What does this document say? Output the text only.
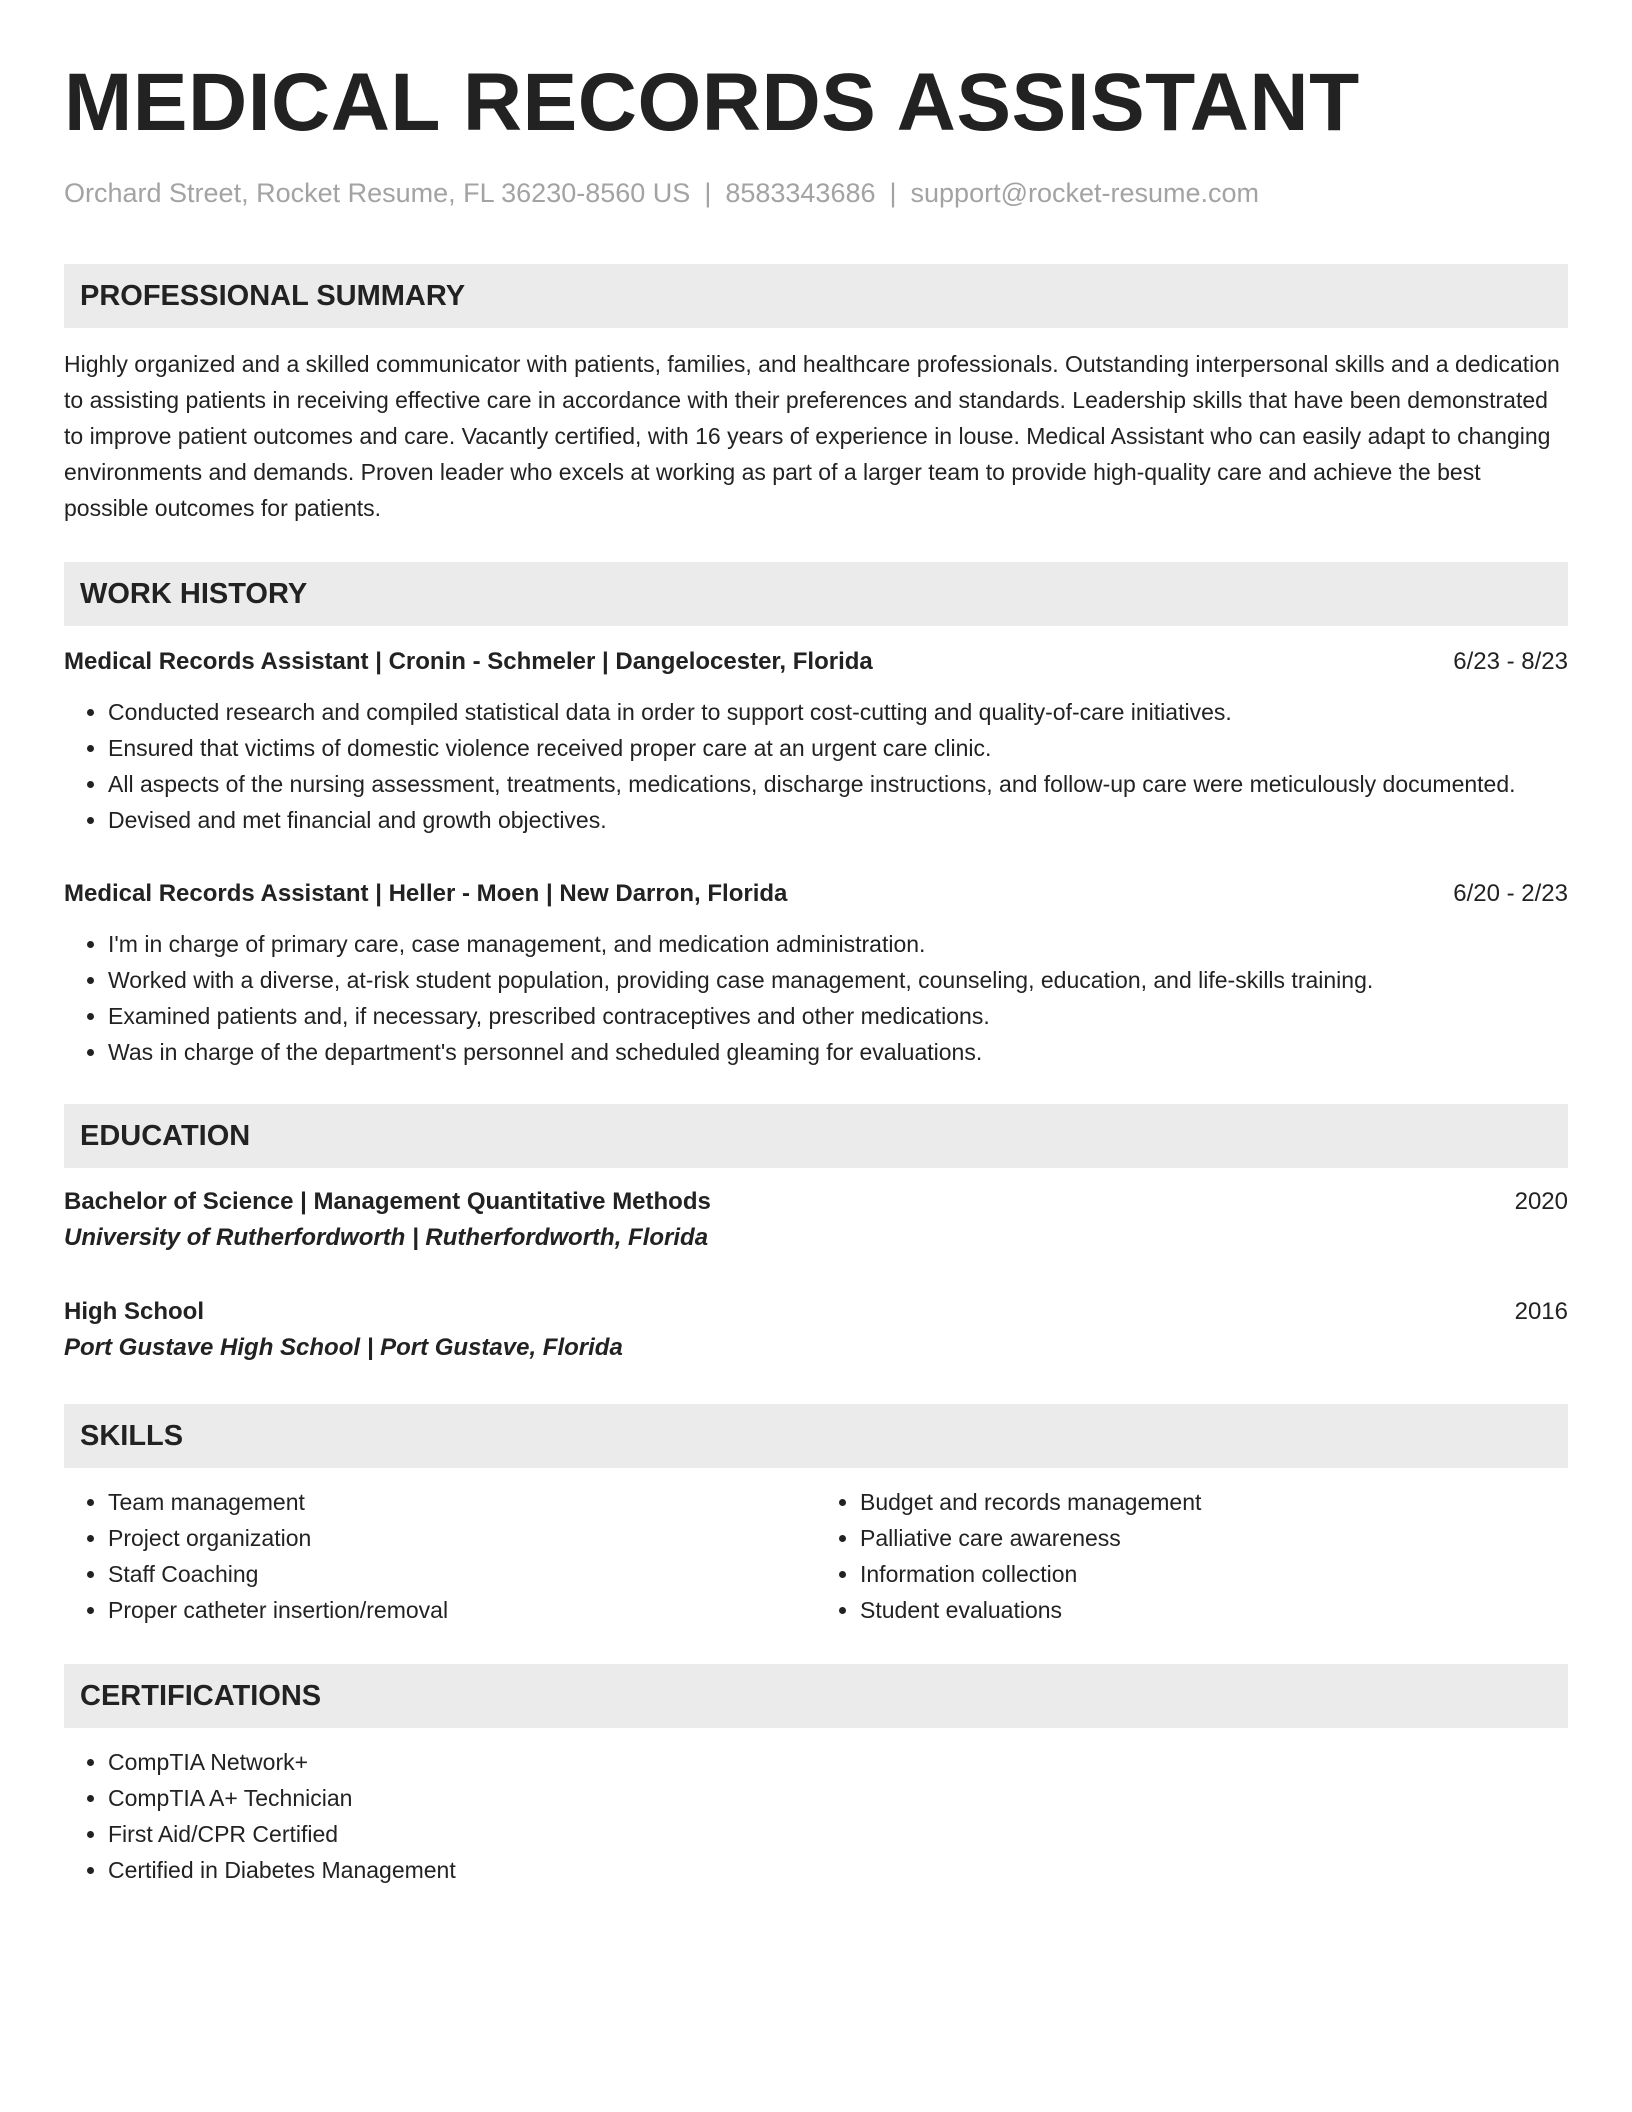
MEDICAL RECORDS ASSISTANT
Orchard Street, Rocket Resume, FL 36230-8560 US | 8583343686 | support@rocket-resume.com
PROFESSIONAL SUMMARY
Highly organized and a skilled communicator with patients, families, and healthcare professionals. Outstanding interpersonal skills and a dedication to assisting patients in receiving effective care in accordance with their preferences and standards. Leadership skills that have been demonstrated to improve patient outcomes and care. Vacantly certified, with 16 years of experience in louse. Medical Assistant who can easily adapt to changing environments and demands. Proven leader who excels at working as part of a larger team to provide high-quality care and achieve the best possible outcomes for patients.
WORK HISTORY
Medical Records Assistant | Cronin - Schmeler | Dangelocester, Florida	6/23 - 8/23
• Conducted research and compiled statistical data in order to support cost-cutting and quality-of-care initiatives.
• Ensured that victims of domestic violence received proper care at an urgent care clinic.
• All aspects of the nursing assessment, treatments, medications, discharge instructions, and follow-up care were meticulously documented.
• Devised and met financial and growth objectives.
Medical Records Assistant | Heller - Moen | New Darron, Florida	6/20 - 2/23
• I'm in charge of primary care, case management, and medication administration.
• Worked with a diverse, at-risk student population, providing case management, counseling, education, and life-skills training.
• Examined patients and, if necessary, prescribed contraceptives and other medications.
• Was in charge of the department's personnel and scheduled gleaming for evaluations.
EDUCATION
Bachelor of Science | Management Quantitative Methods	2020
University of Rutherfordworth | Rutherfordworth, Florida
High School	2016
Port Gustave High School | Port Gustave, Florida
SKILLS
• Team management
• Project organization
• Staff Coaching
• Proper catheter insertion/removal
• Budget and records management
• Palliative care awareness
• Information collection
• Student evaluations
CERTIFICATIONS
• CompTIA Network+
• CompTIA A+ Technician
• First Aid/CPR Certified
• Certified in Diabetes Management
